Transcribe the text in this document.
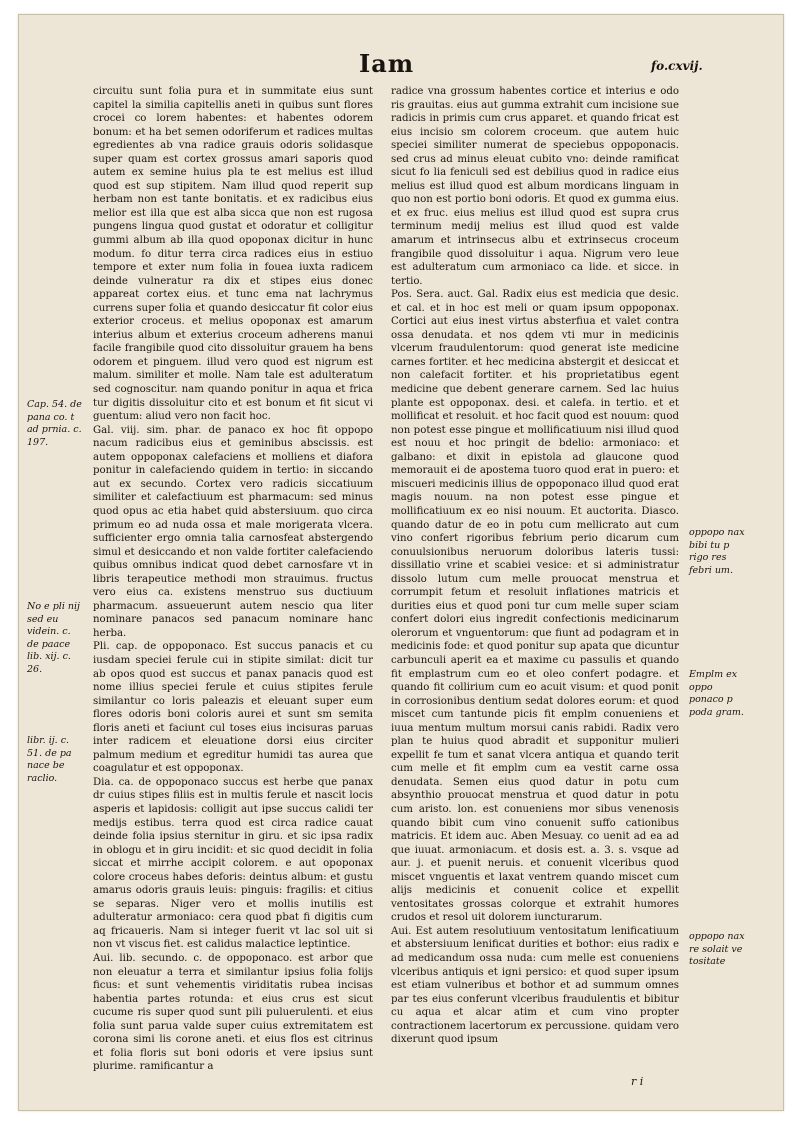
Iam	fo.cxvij.

circuitu sunt folia pura et in summitate eius sunt capitel la similia capitellis aneti in quibus sunt flores crocei co lorem habentes: et habentes odorem bonum: et ha bet semen odoriferum et radices multas egredientes ab vna radice grauis odoris solidasque super quam est cortex grossus amari saporis quod autem ex semine huius pla te est melius est illud quod est sup stipitem. Nam illud quod reperit sup herbam non est tante bonitatis. et ex radicibus eius melior est illa que est alba sicca que non est rugosa pungens lingua quod gustat et odoratur et colligitur gummi album ab illa quod opoponax dicitur in hunc modum. fo ditur terra circa radices eius in estiuo tempore et exter num folia in fouea iuxta radicem deinde vulneratur ra dix et stipes eius donec appareat cortex eius. et tunc ema nat lachrymus currens super folia et quando desiccatur fit color eius exterior croceus. et melius opoponax est amarum interius album et exterius croceum adherens manui facile frangibile quod cito dissoluitur grauem ha bens odorem et pinguem. illud vero quod est nigrum est malum. similiter et molle. Nam tale est adulteratum sed cognoscitur. nam quando ponitur in aqua et frica tur digitis dissoluitur cito et est bonum et fit sicut vi guentum: aliud vero non facit hoc.

Gal. viij. sim. phar. de panaco ex hoc fit oppopo nacum radicibus eius et geminibus abscissis. est autem oppoponax calefaciens et molliens et diafora ponitur in calefaciendo quidem in tertio: in siccando aut ex secundo. Cortex vero radicis siccatiuum similiter et calefactiuum est pharmacum: sed minus quod opus ac etia habet quid abstersiuum. quo circa primum eo ad nuda ossa et male morigerata vlcera. sufficienter ergo omnia talia carnosfeat abstergendo simul et desiccando et non valde fortiter calefaciendo quibus omnibus indicat quod debet carnosfare vt in libris terapeutice methodi mon strauimus. fructus vero eius ca. existens menstruo sus ductiuum pharmacum. assueuerunt autem nescio qua liter nominare panacos sed panacum nominare hanc herba.

Pli. cap. de oppoponaco. Est succus panacis et cu iusdam speciei ferule cui in stipite similat: dicit tur ab opos quod est succus et panax panacis quod est nome illius speciei ferule et cuius stipites ferule similantur co loris paleazis et eleuant super eum flores odoris boni coloris aurei et sunt sm semita floris aneti et faciunt cul toses eius incisuras paruas inter radicem et eleuatione dorsi eius circiter palmum medium et egreditur humidi tas aurea que coagulatur et est oppoponax.

Dia. ca. de oppoponaco succus est herbe que panax dr cuius stipes filiis est in multis ferule et nascit locis asperis et lapidosis: colligit aut ipse succus calidi ter medijs estibus. terra quod est circa radice cauat deinde folia ipsius sternitur in giru. et sic ipsa radix in oblogu et in giru incidit: et sic quod decidit in folia siccat et mirrhe accipit colorem. e aut opoponax colore croceus habes deforis: deintus album: et gustu amarus odoris grauis leuis: pinguis: fragilis: et citius se separas. Niger vero et mollis inutilis est adulteratur armoniaco: cera quod pbat fi digitis cum aq fricaueris. Nam si integer fuerit vt lac sol uit si non vt viscus fiet. est calidus malactice leptintice.

Aui. lib. secundo. c. de oppoponaco. est arbor que non eleuatur a terra et similantur ipsius folia folijs ficus: et sunt vehementis viriditatis rubea incisas habentia partes rotunda: et eius crus est sicut cucume ris super quod sunt pili puluerulenti. et eius folia sunt parua valde super cuius extremitatem est corona simi lis corone aneti. et eius flos est citrinus et folia floris sut boni odoris et vere ipsius sunt plurime. ramificantur a

radice vna grossum habentes cortice et interius e odo ris grauitas. eius aut gumma extrahit cum incisione sue radicis in primis cum crus apparet. et quando fricat est eius incisio sm colorem croceum. que autem huic speciei similiter numerat de speciebus oppoponacis. sed crus ad minus eleuat cubito vno: deinde ramificat sicut fo lia feniculi sed est debilius quod in radice eius melius est illud quod est album mordicans linguam in quo non est portio boni odoris. Et quod ex gumma eius. et ex fruc. eius melius est illud quod est supra crus terminum medij melius est illud quod est valde amarum et intrinsecus albu et extrinsecus croceum frangibile quod dissoluitur i aqua. Nigrum vero leue est adulteratum cum armoniaco ca lide. et sicce. in tertio.

Pos. Sera. auct. Gal. Radix eius est medicia que desic. et cal. et in hoc est meli or quam ipsum oppoponax. Cortici aut eius inest virtus absterfiua et valet contra ossa denudata. et nos qdem vti mur in medicinis vlcerum fraudulentorum: quod generat iste medicine carnes fortiter. et hec medicina abstergit et desiccat et non calefacit fortiter. et his proprietatibus egent medicine que debent generare carnem. Sed lac huius plante est oppoponax. desi. et calefa. in tertio. et et mollificat et resoluit. et hoc facit quod est nouum: quod non potest esse pingue et mollificatiuum nisi illud quod est nouu et hoc pringit de bdelio: armoniaco: et galbano: et dixit in epistola ad glaucone quod memorauit ei de apostema tuoro quod erat in puero: et miscueri medicinis illius de oppoponaco illud quod erat magis nouum. na non potest esse pingue et mollificatiuum ex eo nisi nouum. Et auctorita. Diasco. quando datur de eo in potu cum mellicrato aut cum vino confert rigoribus febrium perio dicarum cum conuulsionibus neruorum doloribus lateris tussi: dissillatio vrine et scabiei vesice: et si administratur dissolo lutum cum melle prouocat menstrua et corrumpit fetum et resoluit inflationes matricis et durities eius et quod poni tur cum melle super sciam confert dolori eius ingredit confectionis medicinarum olerorum et vnguentorum: que fiunt ad podagram et in medicinis fode: et quod ponitur sup apata que dicuntur carbunculi aperit ea et maxime cu passulis et quando fit emplastrum cum eo et oleo confert podagre. et quando fit collirium cum eo acuit visum: et quod ponit in corrosionibus dentium sedat dolores eorum: et quod miscet cum tantunde picis fit emplm conueniens et iuua mentum multum morsui canis rabidi. Radix vero plan te huius quod abradit et supponitur mulieri expellit fe tum et sanat vlcera antiqua et quando terit cum melle et fit emplm cum ea vestit carne ossa denudata. Semen eius quod datur in potu cum absynthio prouocat menstrua et quod datur in potu cum aristo. lon. est conueniens mor sibus venenosis quando bibit cum vino conuenit suffo cationibus matricis. Et idem auc. Aben Mesuay. co uenit ad ea ad que iuuat. armoniacum. et dosis est. a. 3. s. vsque ad aur. j. et puenit neruis. et conuenit vlceribus quod miscet vnguentis et laxat ventrem quando miscet cum alijs medicinis et conuenit colice et expellit ventositates grossas colorque et extrahit humores crudos et resol uit dolorem iuncturarum.

Aui. Est autem resolutiuum ventositatum lenificatiuum et abstersiuum lenificat durities et bothor: eius radix e ad medicandum ossa nuda: cum melle est conueniens vlceribus antiquis et igni persico: et quod super ipsum est etiam vulneribus et bothor et ad summum omnes par tes eius conferunt vlceribus fraudulentis et bibitur cu aqua et alcar atim et cum vino propter contractionem lacertorum ex percussione. quidam vero dixerunt quod ipsum

Cap. 54. de pana co. t ad prnia. c. 197.
No e pli nij sed eu videin. c. de paace lib. xij. c. 26.
libr. ij. c. 51. de pa nace be raclio.
oppopo nax bibi tu p rigo res febri um.
Emplm ex oppo ponaco p poda gram.
oppopo nax re solait ve tositate
r i
